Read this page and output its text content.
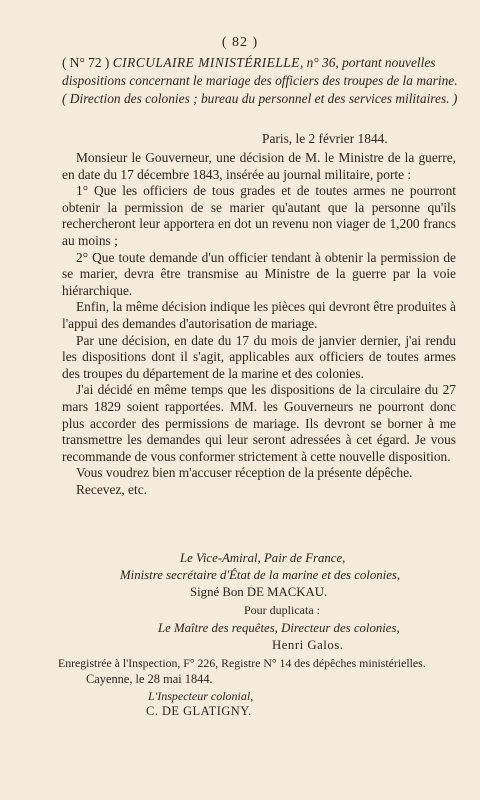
( 82 )
( N° 72 ) CIRCULAIRE MINISTÉRIELLE, n° 36, portant nouvelles dispositions concernant le mariage des officiers des troupes de la marine. ( Direction des colonies ; bureau du personnel et des services militaires. )
Paris, le 2 février 1844.

Monsieur le Gouverneur, une décision de M. le Ministre de la guerre, en date du 17 décembre 1843, insérée au journal militaire, porte :

1° Que les officiers de tous grades et de toutes armes ne pourront obtenir la permission de se marier qu'autant que la personne qu'ils rechercheront leur apportera en dot un revenu non viager de 1,200 francs au moins ;

2° Que toute demande d'un officier tendant à obtenir la permission de se marier, devra être transmise au Ministre de la guerre par la voie hiérarchique.

Enfin, la même décision indique les pièces qui devront être produites à l'appui des demandes d'autorisation de mariage.

Par une décision, en date du 17 du mois de janvier dernier, j'ai rendu les dispositions dont il s'agit, applicables aux officiers de toutes armes des troupes du département de la marine et des colonies.

J'ai décidé en même temps que les dispositions de la circulaire du 27 mars 1829 soient rapportées. MM. les Gouverneurs ne pourront donc plus accorder des permissions de mariage. Ils devront se borner à me transmettre les demandes qui leur seront adressées à cet égard. Je vous recommande de vous conformer strictement à cette nouvelle disposition.

Vous voudrez bien m'accuser réception de la présente dépêche.

Recevez, etc.

Le Vice-Amiral, Pair de France,
Ministre secrétaire d'État de la marine et des colonies,
Signé Bon DE MACKAU.
Pour duplicata :
Le Maître des requêtes, Directeur des colonies,
Henri Galos.
Enregistrée à l'Inspection, F° 226, Registre N° 14 des dépêches ministérielles.
Cayenne, le 28 mai 1844.
L'Inspecteur colonial,
C. DE GLATIGNY.
